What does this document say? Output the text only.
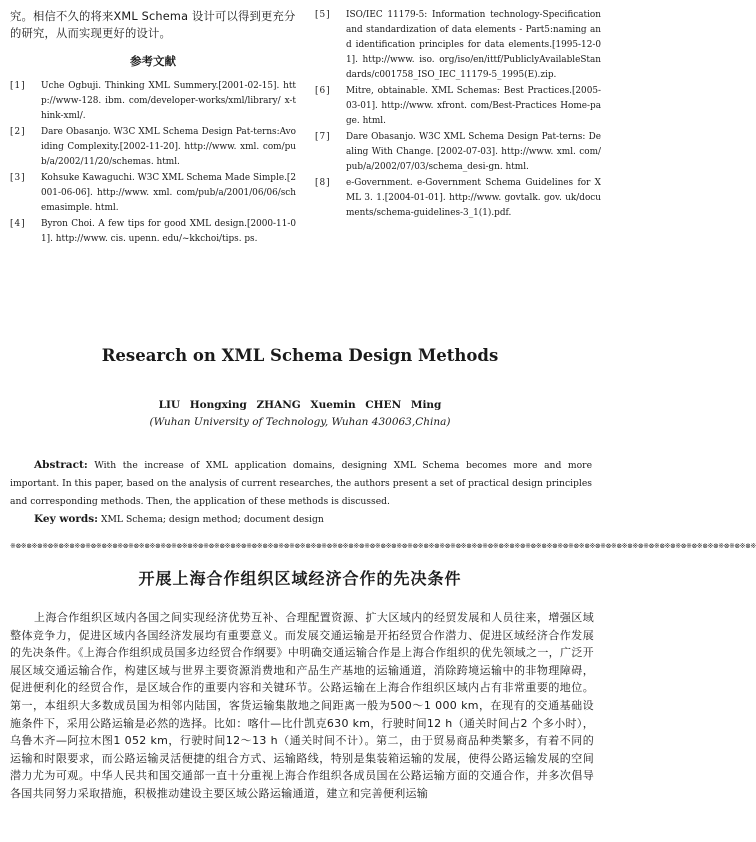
究。相信不久的将来XML Schema 设计可以得到更充分的研究，从而实现更好的设计。
参考文献
[1]	Uche Ogbuji. Thinking XML Summery.[2001-02-15]. http://www-128. ibm. com/developer-works/xml/library/ x-think-xml/.
[2]	Dare Obasanjo. W3C XML Schema Design Pat-terns:Avoiding Complexity.[2002-11-20]. http://www. xml. com/pub/a/2002/11/20/schemas. html.
[3]	Kohsuke Kawaguchi. W3C XML Schema Made Simple.[2001-06-06]. http://www. xml. com/pub/a/2001/06/06/schemasimple. html.
[4]	Byron Choi. A few tips for good XML design.[2000-11-01]. http://www. cis. upenn. edu/~kkchoi/tips. ps.
[5]	ISO/IEC 11179-5: Information technology-Specification and standardization of data elements - Part5:naming and identification principles for data elements.[1995-12-01]. http://www. iso. org/iso/en/ittf/PubliclyAvailableStandards/c001758_ISO_IEC_11179-5_1995(E).zip.
[6]	Mitre, obtainable. XML Schemas: Best Practices.[2005-03-01]. http://www. xfront. com/Best-Practices Home-page. html.
[7]	Dare Obasanjo. W3C XML Schema Design Pat-terns: Dealing With Change. [2002-07-03]. http://www. xml. com/pub/a/2002/07/03/schema_desi-gn. html.
[8]	e-Government. e-Government Schema Guidelines for XML 3. 1.[2004-01-01]. http://www. govtalk. gov. uk/documents/schema-guidelines-3_1(1).pdf.
Research on XML Schema Design Methods
LIU Hongxing ZHANG Xuemin CHEN Ming
(Wuhan University of Technology, Wuhan 430063,China)
Abstract: With the increase of XML application domains, designing XML Schema becomes more and more important. In this paper, based on the analysis of current researches, the authors present a set of practical design principles and corresponding methods. Then, the application of these methods is discussed.
Key words: XML Schema; design method; document design
※⊗※⊗※⊗※⊗※⊗※⊗※⊗※⊗※⊗※⊗※⊗※⊗※⊗※⊗※⊗※⊗※⊗※⊗※⊗※⊗※⊗※⊗※⊗※⊗※⊗※⊗※⊗※⊗※⊗※⊗※⊗※⊗※⊗※⊗※⊗※⊗※⊗※⊗※⊗※⊗※⊗※⊗※⊗※⊗※⊗※⊗※⊗※⊗※⊗※⊗※⊗※⊗※⊗※⊗※⊗※⊗※⊗※⊗※⊗※⊗※⊗※⊗※⊗※⊗※⊗※⊗※⊗※⊗※⊗※
开展上海合作组织区域经济合作的先决条件
上海合作组织区域内各国之间实现经济优势互补、合理配置资源、扩大区域内的经贸发展和人员往来，增强区域整体竞争力，促进区域内各国经济发展均有重要意义。而发展交通运输是开拓经贸合作潜力、促进区域经济合作发展的先决条件。《上海合作组织成员国多边经贸合作纲要》中明确交通运输合作是上海合作组织的优先领域之一，广泛开展区域交通运输合作，构建区域与世界主要资源消费地和产品生产基地的运输通道，消除跨境运输中的非物理障碍，促进便利化的经贸合作，是区域合作的重要内容和关键环节。公路运输在上海合作组织区域内占有非常重要的地位。第一，本组织大多数成员国为相邻内陆国，客货运输集散地之间距离一般为500～1 000 km，在现有的交通基础设施条件下，采用公路运输是必然的选择。比如：喀什—比什凯克630 km，行驶时间12 h（通关时间占2 个多小时），乌鲁木齐—阿拉木图1 052 km，行驶时间12～13 h（通关时间不计）。第二，由于贸易商品种类繁多，有着不同的运输和时限要求，而公路运输灵活便捷的组合方式、运输路线，特别是集装箱运输的发展，使得公路运输发展的空间潜力尤为可观。中华人民共和国交通部一直十分重视上海合作组织各成员国在公路运输方面的交通合作，并多次倡导各国共同努力采取措施，积极推动建设主要区域公路运输通道，建立和完善便利运输
